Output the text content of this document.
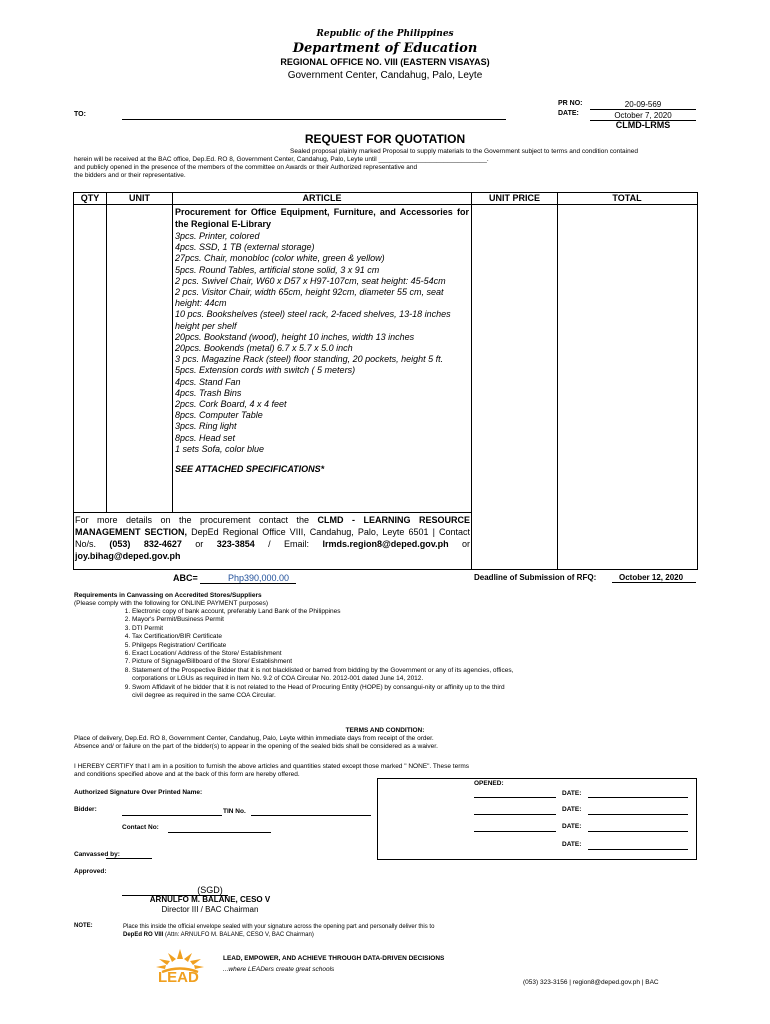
Republic of the Philippines
Department of Education
REGIONAL OFFICE NO. VIII (EASTERN VISAYAS)
Government Center, Candahug, Palo, Leyte
TO:
PR NO:	20-09-569
DATE:	October 7, 2020
CLMD-LRMS
REQUEST FOR QUOTATION
Sealed proposal plainly marked Proposal to supply materials to the Government subject to terms and condition contained
herein will be received at the BAC office, Dep.Ed. RO 8, Government Center, Candahug, Palo, Leyte until ______________________________.
and publicly opened in the presence of the members of the committee on Awards or their Authorized representative and
the bidders and or their representative.
QTY	UNIT	ARTICLE	UNIT PRICE	TOTAL
Procurement for Office Equipment, Furniture, and Accessories for the Regional E-Library
3pcs. Printer, colored
4pcs. SSD, 1 TB (external storage)
27pcs. Chair, monobloc (color white, green & yellow)
5pcs. Round Tables, artificial stone solid, 3 x 91 cm
2 pcs. Swivel Chair, W60 x D57 x H97-107cm, seat height: 45-54cm
2 pcs. Visitor Chair, width 65cm, height 92cm, diameter 55 cm, seat height: 44cm
10 pcs. Bookshelves (steel) steel rack, 2-faced shelves, 13-18 inches height per shelf
20pcs. Bookstand (wood), height 10 inches, width 13 inches
20pcs. Bookends (metal) 6.7 x 5.7 x 5.0 inch
3 pcs. Magazine Rack (steel) floor standing, 20 pockets, height 5 ft.
5pcs. Extension cords with switch ( 5 meters)
4pcs. Stand Fan
4pcs. Trash Bins
2pcs. Cork Board, 4 x 4 feet
8pcs. Computer Table
3pcs. Ring light
8pcs. Head set
1 sets Sofa, color blue
SEE ATTACHED SPECIFICATIONS*
For more details on the procurement contact the CLMD - LEARNING RESOURCE MANAGEMENT SECTION, DepEd Regional Office VIII, Candahug, Palo, Leyte 6501 | Contact No/s. (053) 832-4627 or 323-3854 / Email: lrmds.region8@deped.gov.ph or joy.bihag@deped.gov.ph
ABC=	Php390,000.00	Deadline of Submission of RFQ:	October 12, 2020
Requirements in Canvassing on Accredited Stores/Suppliers
(Please comply with the following for ONLINE PAYMENT purposes)
1. Electronic copy of bank account, preferably Land Bank of the Philippines
2. Mayor's Permit/Business Permit
3. DTI Permit
4. Tax Certification/BIR Certificate
5. Philgeps Registration/ Certificate
6. Exact Location/ Address of the Store/ Establishment
7. Picture of Signage/Billboard of the Store/ Establishment
8. Statement of the Prospective Bidder that it is not blacklisted or barred from bidding by the Government or any of its agencies, offices, corporations or LGUs as required in Item No. 9.2 of COA Circular No. 2012-001 dated June 14, 2012.
9. Sworn Affidavit of he bidder that it is not related to the Head of Procuring Entity (HOPE) by consangui-nity or affinity up to the third civil degree as required in the same COA Circular.
TERMS AND CONDITION:
Place of delivery, Dep.Ed. RO 8, Government Center, Candahug, Palo, Leyte within immediate days from receipt of the order.
Absence and/ or failure on the part of the bidder(s) to appear in the opening of the sealed bids shall be considered as a waiver.
I HEREBY CERTIFY that I am in a position to furnish the above articles and quantities stated except those marked " NONE". These terms
and conditions specified above and at the back of this form are hereby offered.
Authorized Signature Over Printed Name:
Bidder:	TIN No.
Contact No:
Canvassed by:
Approved:
OPENED:
DATE:
DATE:
DATE:
DATE:
(SGD)
ARNULFO M. BALANE, CESO V
Director III / BAC Chairman
NOTE:	Place this inside the official envelope sealed with your signature across the opening part and personally deliver this to
DepEd RO VIII (Attn: ARNULFO M. BALANE, CESO V, BAC Chairman)
LEAD
LEAD, EMPOWER, AND ACHIEVE THROUGH DATA-DRIVEN DECISIONS
...where LEADers create great schools
(053) 323-3156 | region8@deped.gov.ph | BAC
